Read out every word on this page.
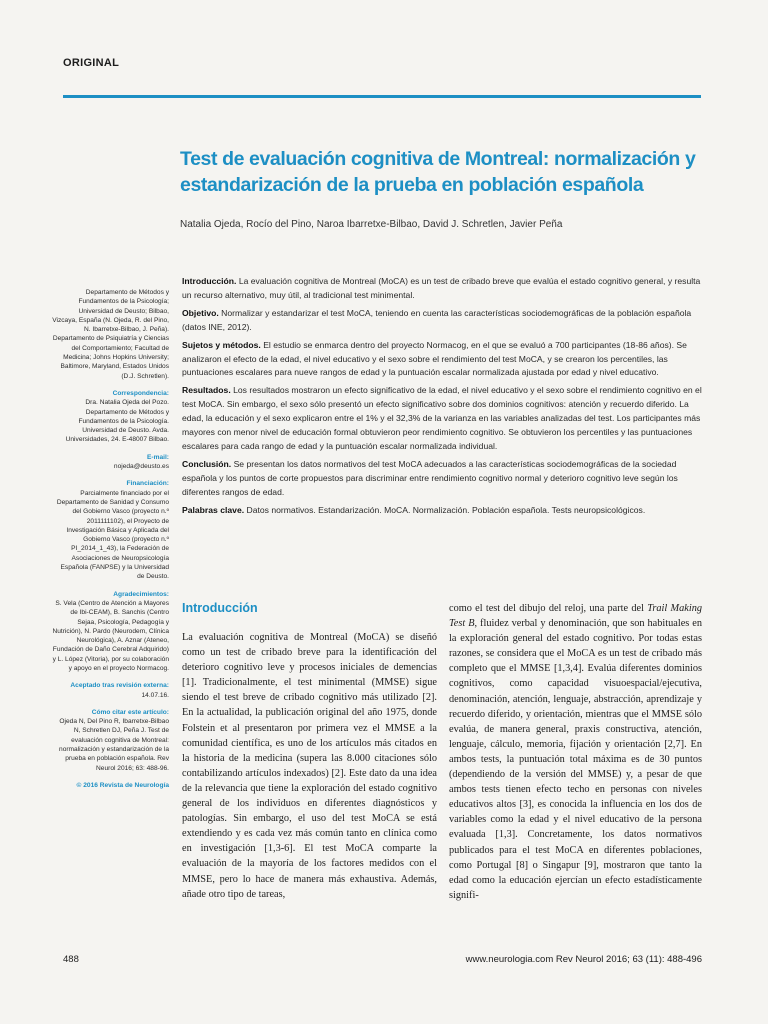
ORIGINAL
Test de evaluación cognitiva de Montreal: normalización y estandarización de la prueba en población española
Natalia Ojeda, Rocío del Pino, Naroa Ibarretxe-Bilbao, David J. Schretlen, Javier Peña
Departamento de Métodos y Fundamentos de la Psicología; Universidad de Deusto; Bilbao, Vizcaya, España (N. Ojeda, R. del Pino, N. Ibarretxe-Bilbao, J. Peña). Departamento de Psiquiatría y Ciencias del Comportamiento; Facultad de Medicina; Johns Hopkins University; Baltimore, Maryland, Estados Unidos (D.J. Schretlen).
Correspondencia:
Dra. Natalia Ojeda del Pozo. Departamento de Métodos y Fundamentos de la Psicología. Universidad de Deusto. Avda. Universidades, 24. E-48007 Bilbao.
E-mail:
nojeda@deusto.es
Financiación:
Parcialmente financiado por el Departamento de Sanidad y Consumo del Gobierno Vasco (proyecto n.º 2011111102), el Proyecto de Investigación Básica y Aplicada del Gobierno Vasco (proyecto n.º PI_2014_1_43), la Federación de Asociaciones de Neuropsicología Española (FANPSE) y la Universidad de Deusto.
Agradecimientos:
S. Vela (Centro de Atención a Mayores de Ibi-CEAM), B. Sanchis (Centro Sejaa, Psicología, Pedagogía y Nutrición), N. Pardo (Neurodem, Clínica Neurológica), A. Aznar (Ateneo, Fundación de Daño Cerebral Adquirido) y L. López (Vitoria), por su colaboración y apoyo en el proyecto Normacog.
Aceptado tras revisión externa:
14.07.16.
Cómo citar este artículo:
Ojeda N, Del Pino R, Ibarretxe-Bilbao N, Schretlen DJ, Peña J. Test de evaluación cognitiva de Montreal: normalización y estandarización de la prueba en población española. Rev Neurol 2016; 63: 488-96.
© 2016 Revista de Neurología

Introducción. La evaluación cognitiva de Montreal (MoCA) es un test de cribado breve que evalúa el estado cognitivo general, y resulta un recurso alternativo, muy útil, al tradicional test minimental.

Objetivo. Normalizar y estandarizar el test MoCA, teniendo en cuenta las características sociodemográficas de la población española (datos INE, 2012).

Sujetos y métodos. El estudio se enmarca dentro del proyecto Normacog, en el que se evaluó a 700 participantes (18-86 años). Se analizaron el efecto de la edad, el nivel educativo y el sexo sobre el rendimiento del test MoCA, y se crearon los percentiles, las puntuaciones escalares para nueve rangos de edad y la puntuación escalar normalizada ajustada por edad y nivel educativo.

Resultados. Los resultados mostraron un efecto significativo de la edad, el nivel educativo y el sexo sobre el rendimiento cognitivo en el test MoCA. Sin embargo, el sexo sólo presentó un efecto significativo sobre dos dominios cognitivos: atención y recuerdo diferido. La edad, la educación y el sexo explicaron entre el 1% y el 32,3% de la varianza en las variables analizadas del test. Los participantes más mayores con menor nivel de educación formal obtuvieron peor rendimiento cognitivo. Se obtuvieron los percentiles y las puntuaciones escalares para cada rango de edad y la puntuación escalar normalizada individual.

Conclusión. Se presentan los datos normativos del test MoCA adecuados a las características sociodemográficas de la sociedad española y los puntos de corte propuestos para discriminar entre rendimiento cognitivo normal y deterioro cognitivo leve según los diferentes rangos de edad.

Palabras clave. Datos normativos. Estandarización. MoCA. Normalización. Población española. Tests neuropsicológicos.

Introducción

La evaluación cognitiva de Montreal (MoCA) se diseñó como un test de cribado breve para la identificación del deterioro cognitivo leve y procesos iniciales de demencias [1]. Tradicionalmente, el test minimental (MMSE) sigue siendo el test breve de cribado cognitivo más utilizado [2]. En la actualidad, la publicación original del año 1975, donde Folstein et al presentaron por primera vez el MMSE a la comunidad científica, es uno de los artículos más citados en la historia de la medicina (supera las 8.000 citaciones sólo contabilizando artículos indexados) [2]. Este dato da una idea de la relevancia que tiene la exploración del estado cognitivo general de los individuos en diferentes diagnósticos y patologías. Sin embargo, el uso del test MoCA se está extendiendo y es cada vez más común tanto en clínica como en investigación [1,3-6]. El test MoCA comparte la evaluación de la mayoría de los factores medidos con el MMSE, pero lo hace de manera más exhaustiva. Además, añade otro tipo de tareas,

como el test del dibujo del reloj, una parte del Trail Making Test B, fluidez verbal y denominación, que son habituales en la exploración general del estado cognitivo. Por todas estas razones, se considera que el MoCA es un test de cribado más completo que el MMSE [1,3,4]. Evalúa diferentes dominios cognitivos, como capacidad visuoespacial/ejecutiva, denominación, atención, lenguaje, abstracción, aprendizaje y recuerdo diferido, y orientación, mientras que el MMSE sólo evalúa, de manera general, praxis constructiva, atención, lenguaje, cálculo, memoria, fijación y orientación [2,7]. En ambos tests, la puntuación total máxima es de 30 puntos (dependiendo de la versión del MMSE) y, a pesar de que ambos tests tienen efecto techo en personas con niveles educativos altos [3], es conocida la influencia en los dos de variables como la edad y el nivel educativo de la persona evaluada [1,3]. Concretamente, los datos normativos publicados para el test MoCA en diferentes poblaciones, como Portugal [8] o Singapur [9], mostraron que tanto la edad como la educación ejercían un efecto estadísticamente signifi-

488	www.neurologia.com Rev Neurol 2016; 63 (11): 488-496
